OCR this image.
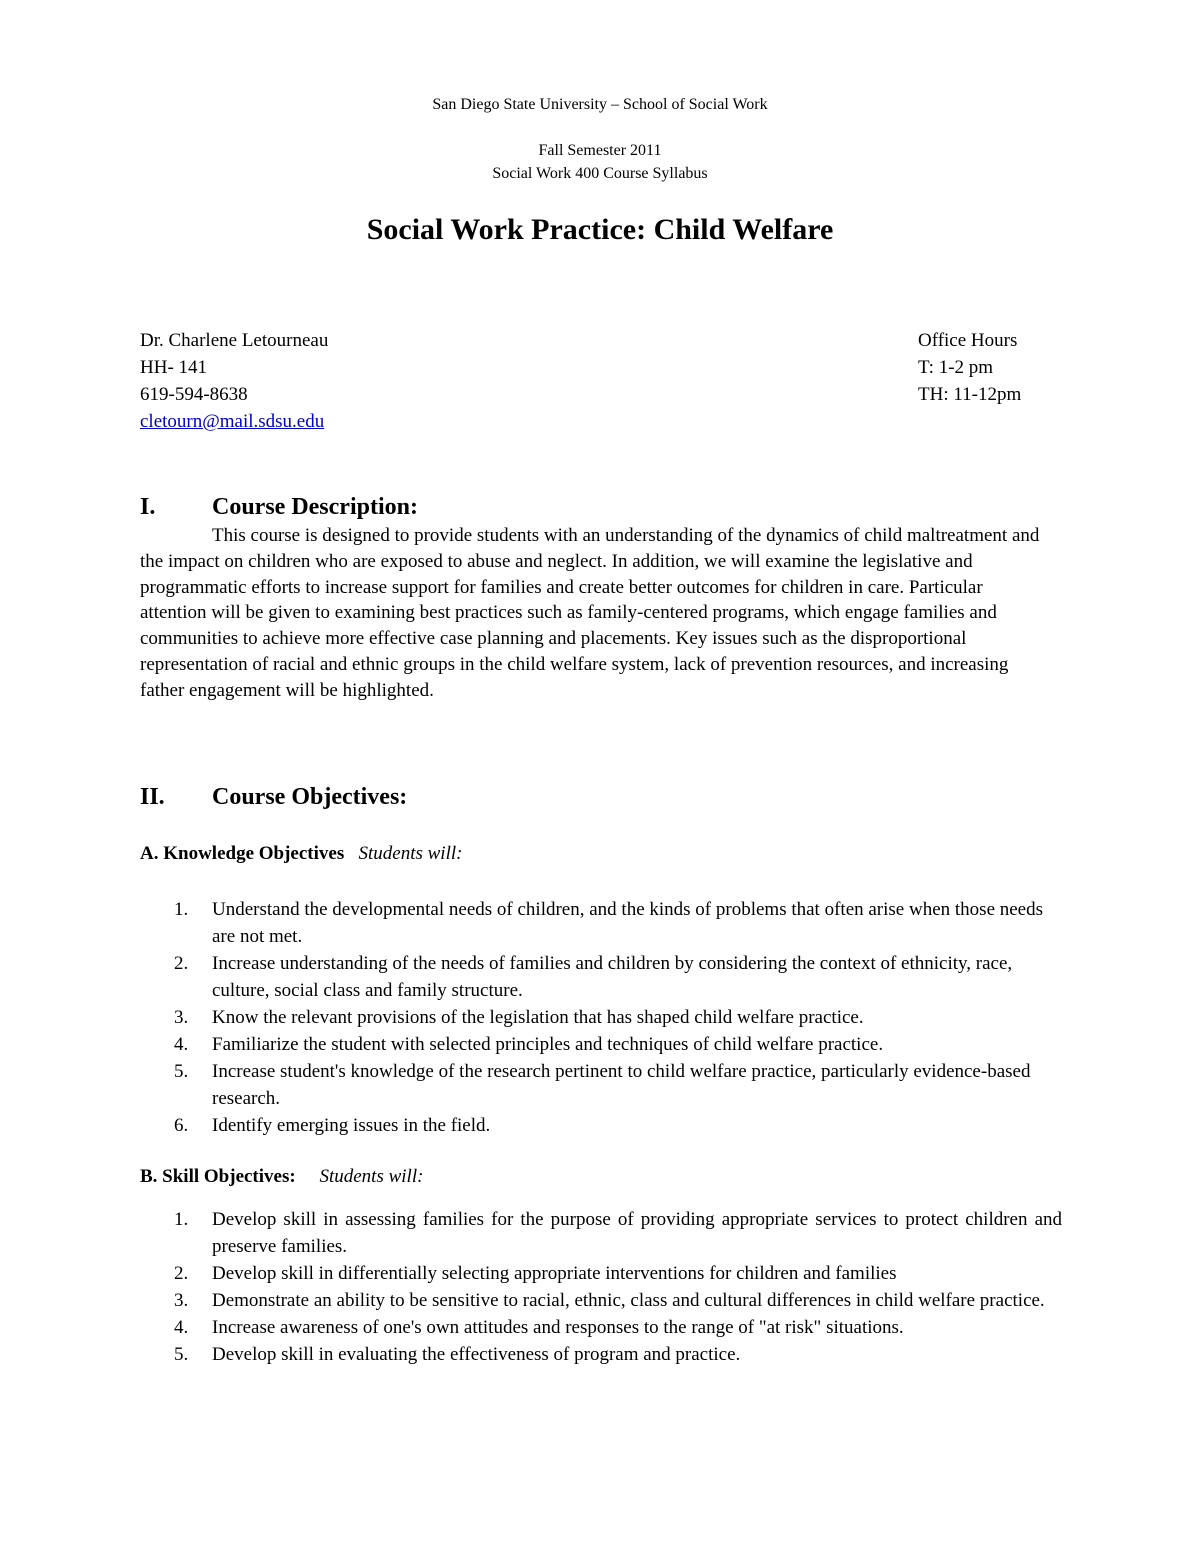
San Diego State University – School of Social Work
Fall Semester 2011
Social Work 400 Course Syllabus
Social Work Practice: Child Welfare
Dr. Charlene Letourneau
HH- 141
619-594-8638
cletourn@mail.sdsu.edu
Office Hours
T: 1-2 pm
TH: 11-12pm
I. Course Description:
This course is designed to provide students with an understanding of the dynamics of child maltreatment and the impact on children who are exposed to abuse and neglect. In addition, we will examine the legislative and programmatic efforts to increase support for families and create better outcomes for children in care. Particular attention will be given to examining best practices such as family-centered programs, which engage families and communities to achieve more effective case planning and placements. Key issues such as the disproportional representation of racial and ethnic groups in the child welfare system, lack of prevention resources, and increasing father engagement will be highlighted.
II. Course Objectives:
A. Knowledge Objectives Students will:
1. Understand the developmental needs of children, and the kinds of problems that often arise when those needs are not met.
2. Increase understanding of the needs of families and children by considering the context of ethnicity, race, culture, social class and family structure.
3. Know the relevant provisions of the legislation that has shaped child welfare practice.
4. Familiarize the student with selected principles and techniques of child welfare practice.
5. Increase student's knowledge of the research pertinent to child welfare practice, particularly evidence-based research.
6. Identify emerging issues in the field.
B. Skill Objectives: Students will:
1. Develop skill in assessing families for the purpose of providing appropriate services to protect children and preserve families.
2. Develop skill in differentially selecting appropriate interventions for children and families
3. Demonstrate an ability to be sensitive to racial, ethnic, class and cultural differences in child welfare practice.
4. Increase awareness of one's own attitudes and responses to the range of "at risk" situations.
5. Develop skill in evaluating the effectiveness of program and practice.
